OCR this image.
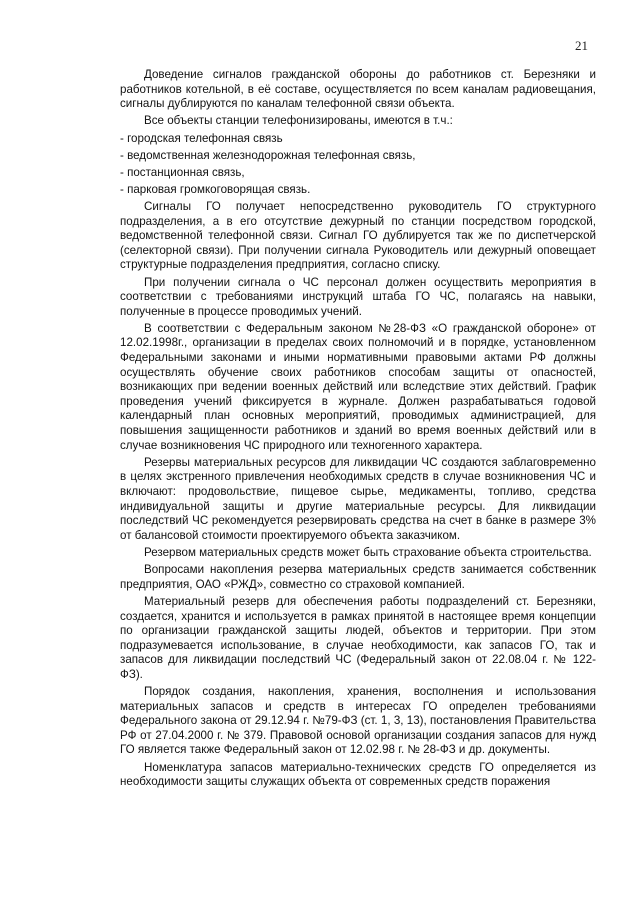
21

Доведение сигналов гражданской обороны до работников ст. Березняки и работников котельной, в её составе, осуществляется по всем каналам радиовещания, сигналы дублируются по каналам телефонной связи объекта.

Все объекты станции телефонизированы, имеются в т.ч.:

- городская телефонная связь

- ведомственная железнодорожная телефонная связь,

- постанционная связь,

- парковая громкоговорящая связь.

Сигналы ГО получает непосредственно руководитель ГО структурного подразделения, а в его отсутствие дежурный по станции посредством городской, ведомственной телефонной связи. Сигнал ГО дублируется так же по диспетчерской (селекторной связи). При получении сигнала Руководитель или дежурный оповещает структурные подразделения предприятия, согласно списку.

При получении сигнала о ЧС персонал должен осуществить мероприятия в соответствии с требованиями инструкций штаба ГО ЧС, полагаясь на навыки, полученные в процессе проводимых учений.

В соответствии с Федеральным законом №28-ФЗ «О гражданской обороне» от 12.02.1998г., организации в пределах своих полномочий и в порядке, установленном Федеральными законами и иными нормативными правовыми актами РФ должны осуществлять обучение своих работников способам защиты от опасностей, возникающих при ведении военных действий или вследствие этих действий. График проведения учений фиксируется в журнале. Должен разрабатываться годовой календарный план основных мероприятий, проводимых администрацией, для повышения защищенности работников и зданий во время военных действий или в случае возникновения ЧС природного или техногенного характера.

Резервы материальных ресурсов для ликвидации ЧС создаются заблаговременно в целях экстренного привлечения необходимых средств в случае возникновения ЧС и включают: продовольствие, пищевое сырье, медикаменты, топливо, средства индивидуальной защиты и другие материальные ресурсы. Для ликвидации последствий ЧС рекомендуется резервировать средства на счет в банке в размере 3% от балансовой стоимости проектируемого объекта заказчиком.

Резервом материальных средств может быть страхование объекта строительства.

Вопросами накопления резерва материальных средств занимается собственник предприятия, ОАО «РЖД», совместно со страховой компанией.

Материальный резерв для обеспечения работы подразделений ст. Березняки, создается, хранится и используется в рамках принятой в настоящее время концепции по организации гражданской защиты людей, объектов и территории. При этом подразумевается использование, в случае необходимости, как запасов ГО, так и запасов для ликвидации последствий ЧС (Федеральный закон от 22.08.04 г. № 122-ФЗ).

Порядок создания, накопления, хранения, восполнения и использования материальных запасов и средств в интересах ГО определен требованиями Федерального закона от 29.12.94 г. №79-ФЗ (ст. 1, 3, 13), постановления Правительства РФ от 27.04.2000 г. № 379. Правовой основой организации создания запасов для нужд ГО является также Федеральный закон от 12.02.98 г. № 28-ФЗ и др. документы.

Номенклатура запасов материально-технических средств ГО определяется из необходимости защиты служащих объекта от современных средств поражения
